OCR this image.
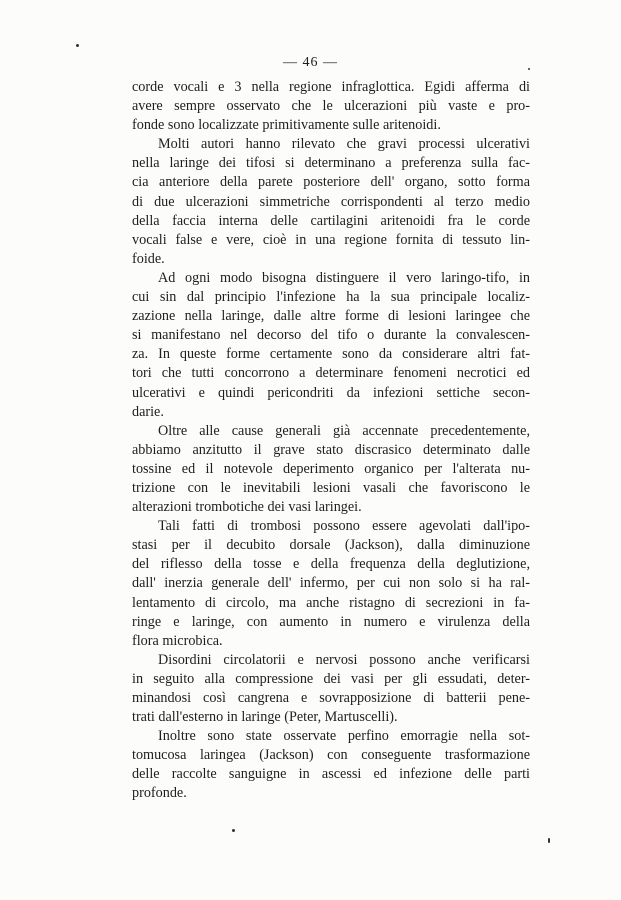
— 46 —
corde vocali e 3 nella regione infraglottica. Egidi afferma di
avere sempre osservato che le ulcerazioni più vaste e pro-
fonde sono localizzate primitivamente sulle aritenoidi.
Molti autori hanno rilevato che gravi processi ulcerativi
nella laringe dei tifosi si determinano a preferenza sulla fac-
cia anteriore della parete posteriore dell' organo, sotto forma
di due ulcerazioni simmetriche corrispondenti al terzo medio
della faccia interna delle cartilagini aritenoidi fra le corde
vocali false e vere, cioè in una regione fornita di tessuto lin-
foide.
Ad ogni modo bisogna distinguere il vero laringo-tifo, in
cui sin dal principio l'infezione ha la sua principale localiz-
zazione nella laringe, dalle altre forme di lesioni laringee che
si manifestano nel decorso del tifo o durante la convalescen-
za. In queste forme certamente sono da considerare altri fat-
tori che tutti concorrono a determinare fenomeni necrotici ed
ulcerativi e quindi pericondriti da infezioni settiche secon-
darie.
Oltre alle cause generali già accennate precedentemente,
abbiamo anzitutto il grave stato discrasico determinato dalle
tossine ed il notevole deperimento organico per l'alterata nu-
trizione con le inevitabili lesioni vasali che favoriscono le
alterazioni trombotiche dei vasi laringei.
Tali fatti di trombosi possono essere agevolati dall'ipo-
stasi per il decubito dorsale (Jackson), dalla diminuzione
del riflesso della tosse e della frequenza della deglutizione,
dall' inerzia generale dell' infermo, per cui non solo si ha ral-
lentamento di circolo, ma anche ristagno di secrezioni in fa-
ringe e laringe, con aumento in numero e virulenza della
flora microbica.
Disordini circolatorii e nervosi possono anche verificarsi
in seguito alla compressione dei vasi per gli essudati, deter-
minandosi così cangrena e sovrapposizione di batterii pene-
trati dall'esterno in laringe (Peter, Martuscelli).
Inoltre sono state osservate perfino emorragie nella sot-
tomucosa laringea (Jackson) con conseguente trasformazione
delle raccolte sanguigne in ascessi ed infezione delle parti
profonde.
